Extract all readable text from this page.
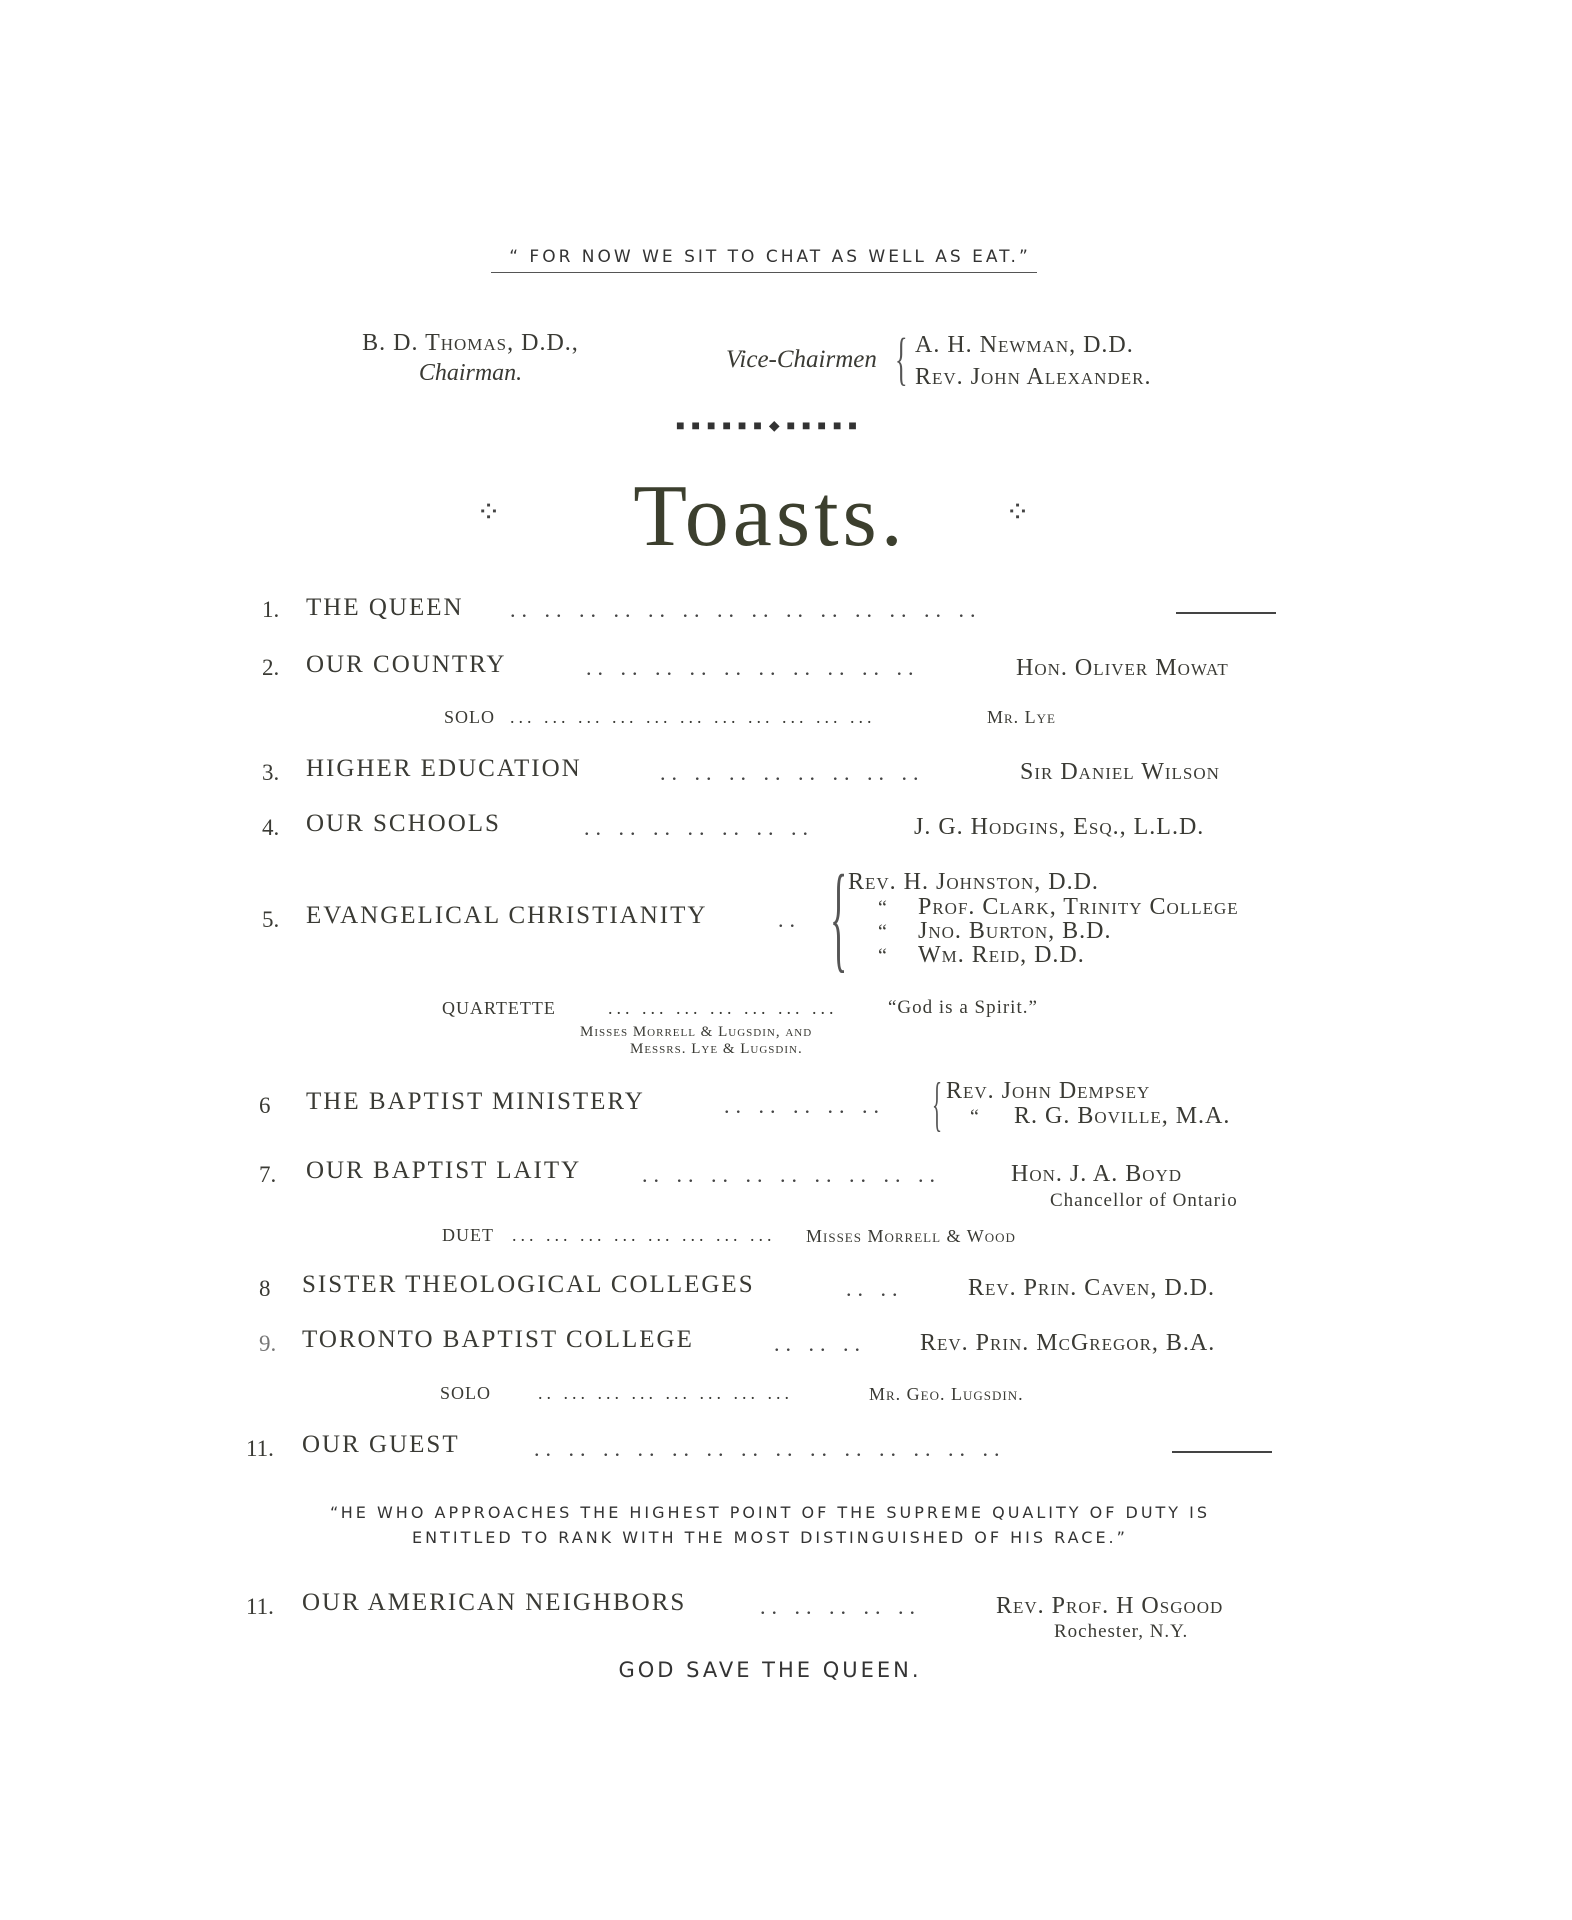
“ FOR NOW WE SIT TO CHAT AS WELL AS EAT.”
B. D. Thomas, D.D.,
Chairman.	Vice-Chairmen { A. H. Newman, D.D.
Rev. John Alexander.
■■■■■■◆■■■■■
⁘	Toasts.	⁘
1. THE QUEEN .. .. .. .. .. .. .. .. .. .. .. .. .. ..
2. OUR COUNTRY	.. .. .. .. .. .. .. .. .. ..	Hon. Oliver Mowat
SOLO ... ... ... ... ... ... ... ... ... ... ...	Mr. Lye
3. HIGHER EDUCATION	.. .. .. .. .. .. .. ..	Sir Daniel Wilson
4. OUR SCHOOLS	.. .. .. .. .. .. ..	J. G. Hodgins, Esq., L.L.D.
5. EVANGELICAL CHRISTIANITY	.. { Rev. H. Johnston, D.D.
“ Prof. Clark, Trinity College
“ Jno. Burton, B.D.
“ Wm. Reid, D.D.
QUARTETTE	... ... ... ... ... ... ...	“God is a Spirit.”
Misses Morrell & Lugsdin, and
Messrs. Lye & Lugsdin.
6 THE BAPTIST MINISTERY	.. .. .. .. .. { Rev. John Dempsey
“ R. G. Boville, M.A.
7. OUR BAPTIST LAITY	.. .. .. .. .. .. .. .. ..	Hon. J. A. Boyd
Chancellor of Ontario
DUET ... ... ... ... ... ... ... ... Misses Morrell & Wood
8 SISTER THEOLOGICAL COLLEGES	.. ..	Rev. Prin. Caven, D.D.
9. TORONTO BAPTIST COLLEGE	.. .. .. Rev. Prin. McGregor, B.A.
SOLO	.. ... ... ... ... ... ... ...	Mr. Geo. Lugsdin.
11. OUR GUEST	.. .. .. .. .. .. .. .. .. .. .. .. .. ..
“HE WHO APPROACHES THE HIGHEST POINT OF THE SUPREME QUALITY OF DUTY IS
ENTITLED TO RANK WITH THE MOST DISTINGUISHED OF HIS RACE.”
11. OUR AMERICAN NEIGHBORS	.. .. .. .. ..	Rev. Prof. H Osgood
Rochester, N.Y.
GOD SAVE THE QUEEN.
